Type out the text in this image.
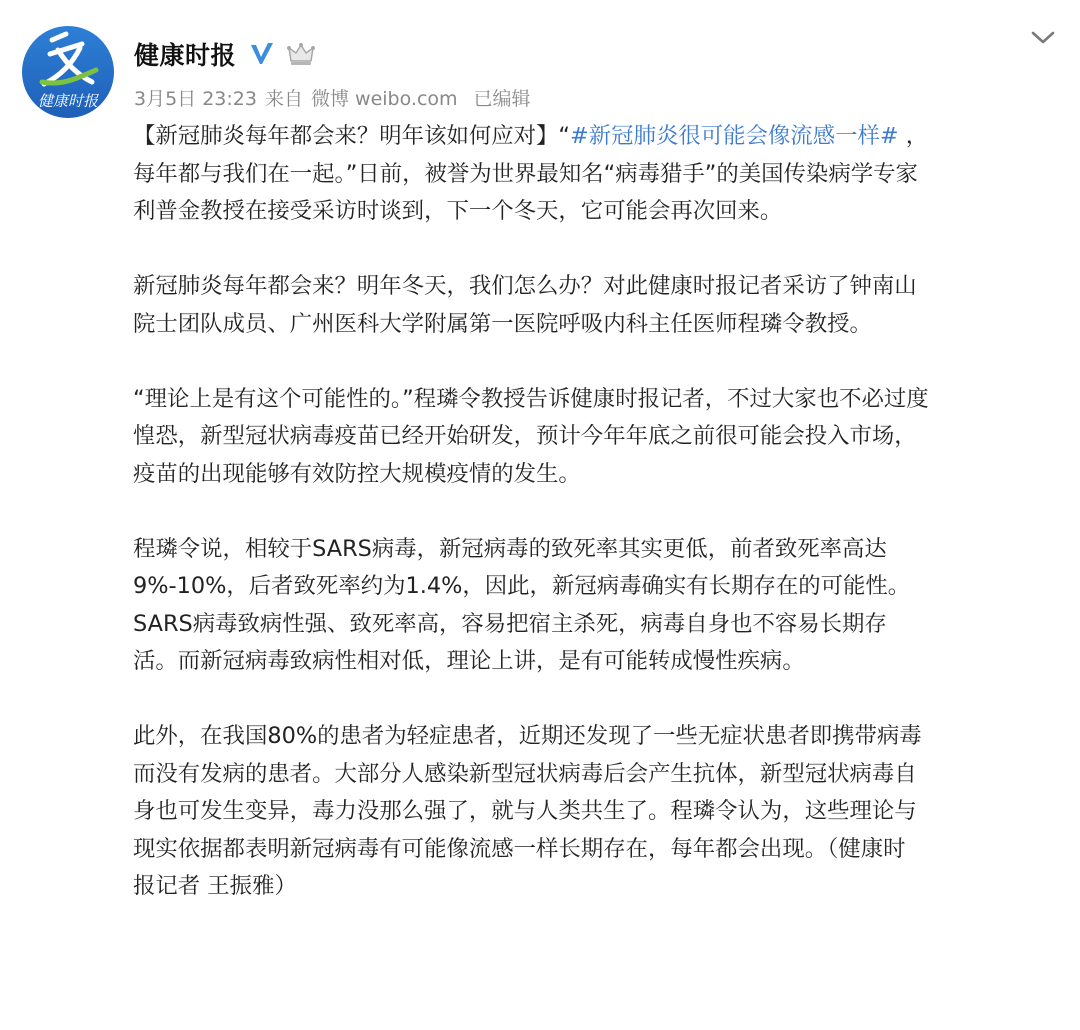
健康时报
健康时报
3月5日 23:23 来自 微博 weibo.com 已编辑

【新冠肺炎每年都会来？明年该如何应对】“#新冠肺炎很可能会像流感一样# ，
每年都与我们在一起。”日前，被誉为世界最知名“病毒猎手”的美国传染病学专家
利普金教授在接受采访时谈到，下一个冬天，它可能会再次回来。

新冠肺炎每年都会来？明年冬天，我们怎么办？对此健康时报记者采访了钟南山
院士团队成员、广州医科大学附属第一医院呼吸内科主任医师程璘令教授。

“理论上是有这个可能性的。”程璘令教授告诉健康时报记者，不过大家也不必过度
惶恐，新型冠状病毒疫苗已经开始研发，预计今年年底之前很可能会投入市场，
疫苗的出现能够有效防控大规模疫情的发生。

程璘令说，相较于SARS病毒，新冠病毒的致死率其实更低，前者致死率高达
9%-10%，后者致死率约为1.4%，因此，新冠病毒确实有长期存在的可能性。
SARS病毒致病性强、致死率高，容易把宿主杀死，病毒自身也不容易长期存
活。而新冠病毒致病性相对低，理论上讲，是有可能转成慢性疾病。

此外，在我国80%的患者为轻症患者，近期还发现了一些无症状患者即携带病毒
而没有发病的患者。大部分人感染新型冠状病毒后会产生抗体，新型冠状病毒自
身也可发生变异，毒力没那么强了，就与人类共生了。程璘令认为，这些理论与
现实依据都表明新冠病毒有可能像流感一样长期存在，每年都会出现。（健康时
报记者 王振雅）
